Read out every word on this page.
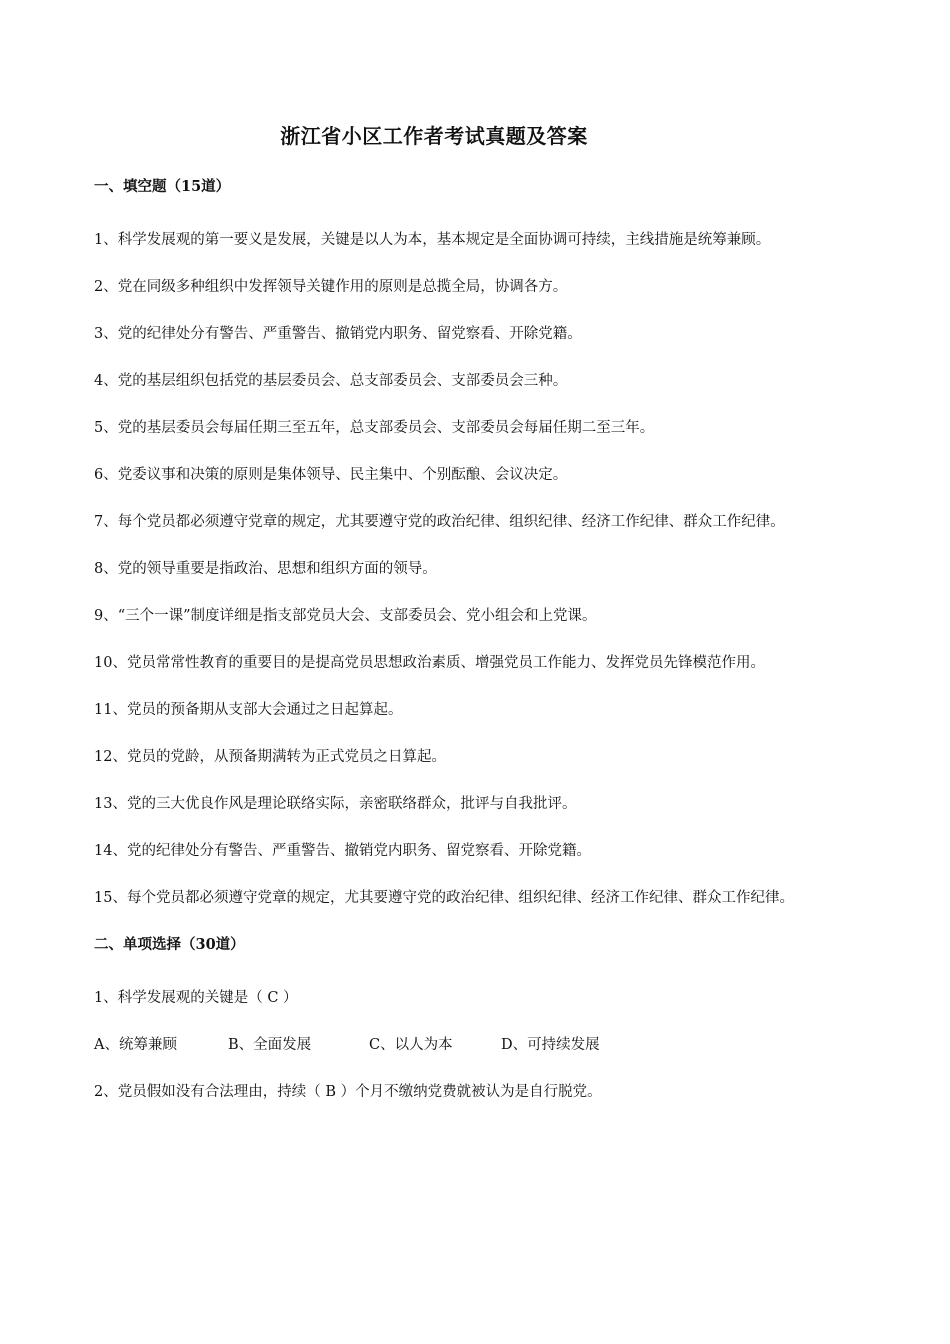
浙江省小区工作者考试真题及答案
一、填空题（15道）

1、科学发展观的第一要义是发展，关键是以人为本，基本规定是全面协调可持续，主线措施是统筹兼顾。

2、党在同级多种组织中发挥领导关键作用的原则是总揽全局，协调各方。

3、党的纪律处分有警告、严重警告、撤销党内职务、留党察看、开除党籍。

4、党的基层组织包括党的基层委员会、总支部委员会、支部委员会三种。

5、党的基层委员会每届任期三至五年，总支部委员会、支部委员会每届任期二至三年。

6、党委议事和决策的原则是集体领导、民主集中、个别酝酿、会议决定。

7、每个党员都必须遵守党章的规定，尤其要遵守党的政治纪律、组织纪律、经济工作纪律、群众工作纪律。

8、党的领导重要是指政治、思想和组织方面的领导。

9、“三个一课”制度详细是指支部党员大会、支部委员会、党小组会和上党课。

10、党员常常性教育的重要目的是提高党员思想政治素质、增强党员工作能力、发挥党员先锋模范作用。

11、党员的预备期从支部大会通过之日起算起。

12、党员的党龄，从预备期满转为正式党员之日算起。

13、党的三大优良作风是理论联络实际，亲密联络群众，批评与自我批评。

14、党的纪律处分有警告、严重警告、撤销党内职务、留党察看、开除党籍。

15、每个党员都必须遵守党章的规定，尤其要遵守党的政治纪律、组织纪律、经济工作纪律、群众工作纪律。

二、单项选择（30道）

1、科学发展观的关键是（ C ）

A、统筹兼顾	B、全面发展	C、以人为本	D、可持续发展

2、党员假如没有合法理由，持续（ B ）个月不缴纳党费就被认为是自行脱党。
